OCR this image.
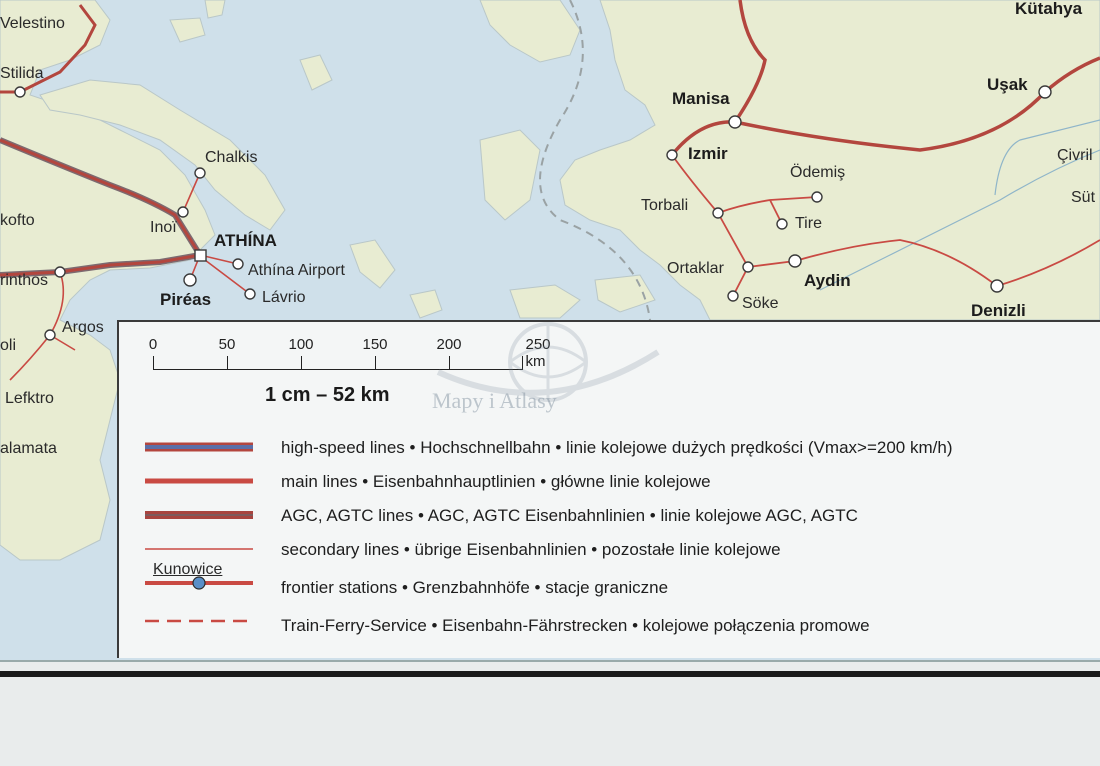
Velestino
Stilida
Chalkis
Inoï
ATHÍNA
Athína Airport
Piréas	Lávrio
kofto
rinthos
Argos
oli
Lefktro
alamata
Manisa
Izmir
Ödemiş
Torbali
Tire
Ortaklar
Aydin
Söke	Denizli
Uşak
Kütahya
Çivril
Süt
0	50	100	150	200	250 km
1 cm – 52 km
high-speed lines • Hochschnellbahn • linie kolejowe dużych prędkości (Vmax>=200 km/h)
main lines • Eisenbahnhauptlinien • główne linie kolejowe
AGC, AGTC lines • AGC, AGTC Eisenbahnlinien • linie kolejowe AGC, AGTC
secondary lines • übrige Eisenbahnlinien • pozostałe linie kolejowe
Kunowice
frontier stations • Grenzbahnhöfe • stacje graniczne
Train-Ferry-Service • Eisenbahn-Fährstrecken • kolejowe połączenia promowe
Mapy i Atlasy
